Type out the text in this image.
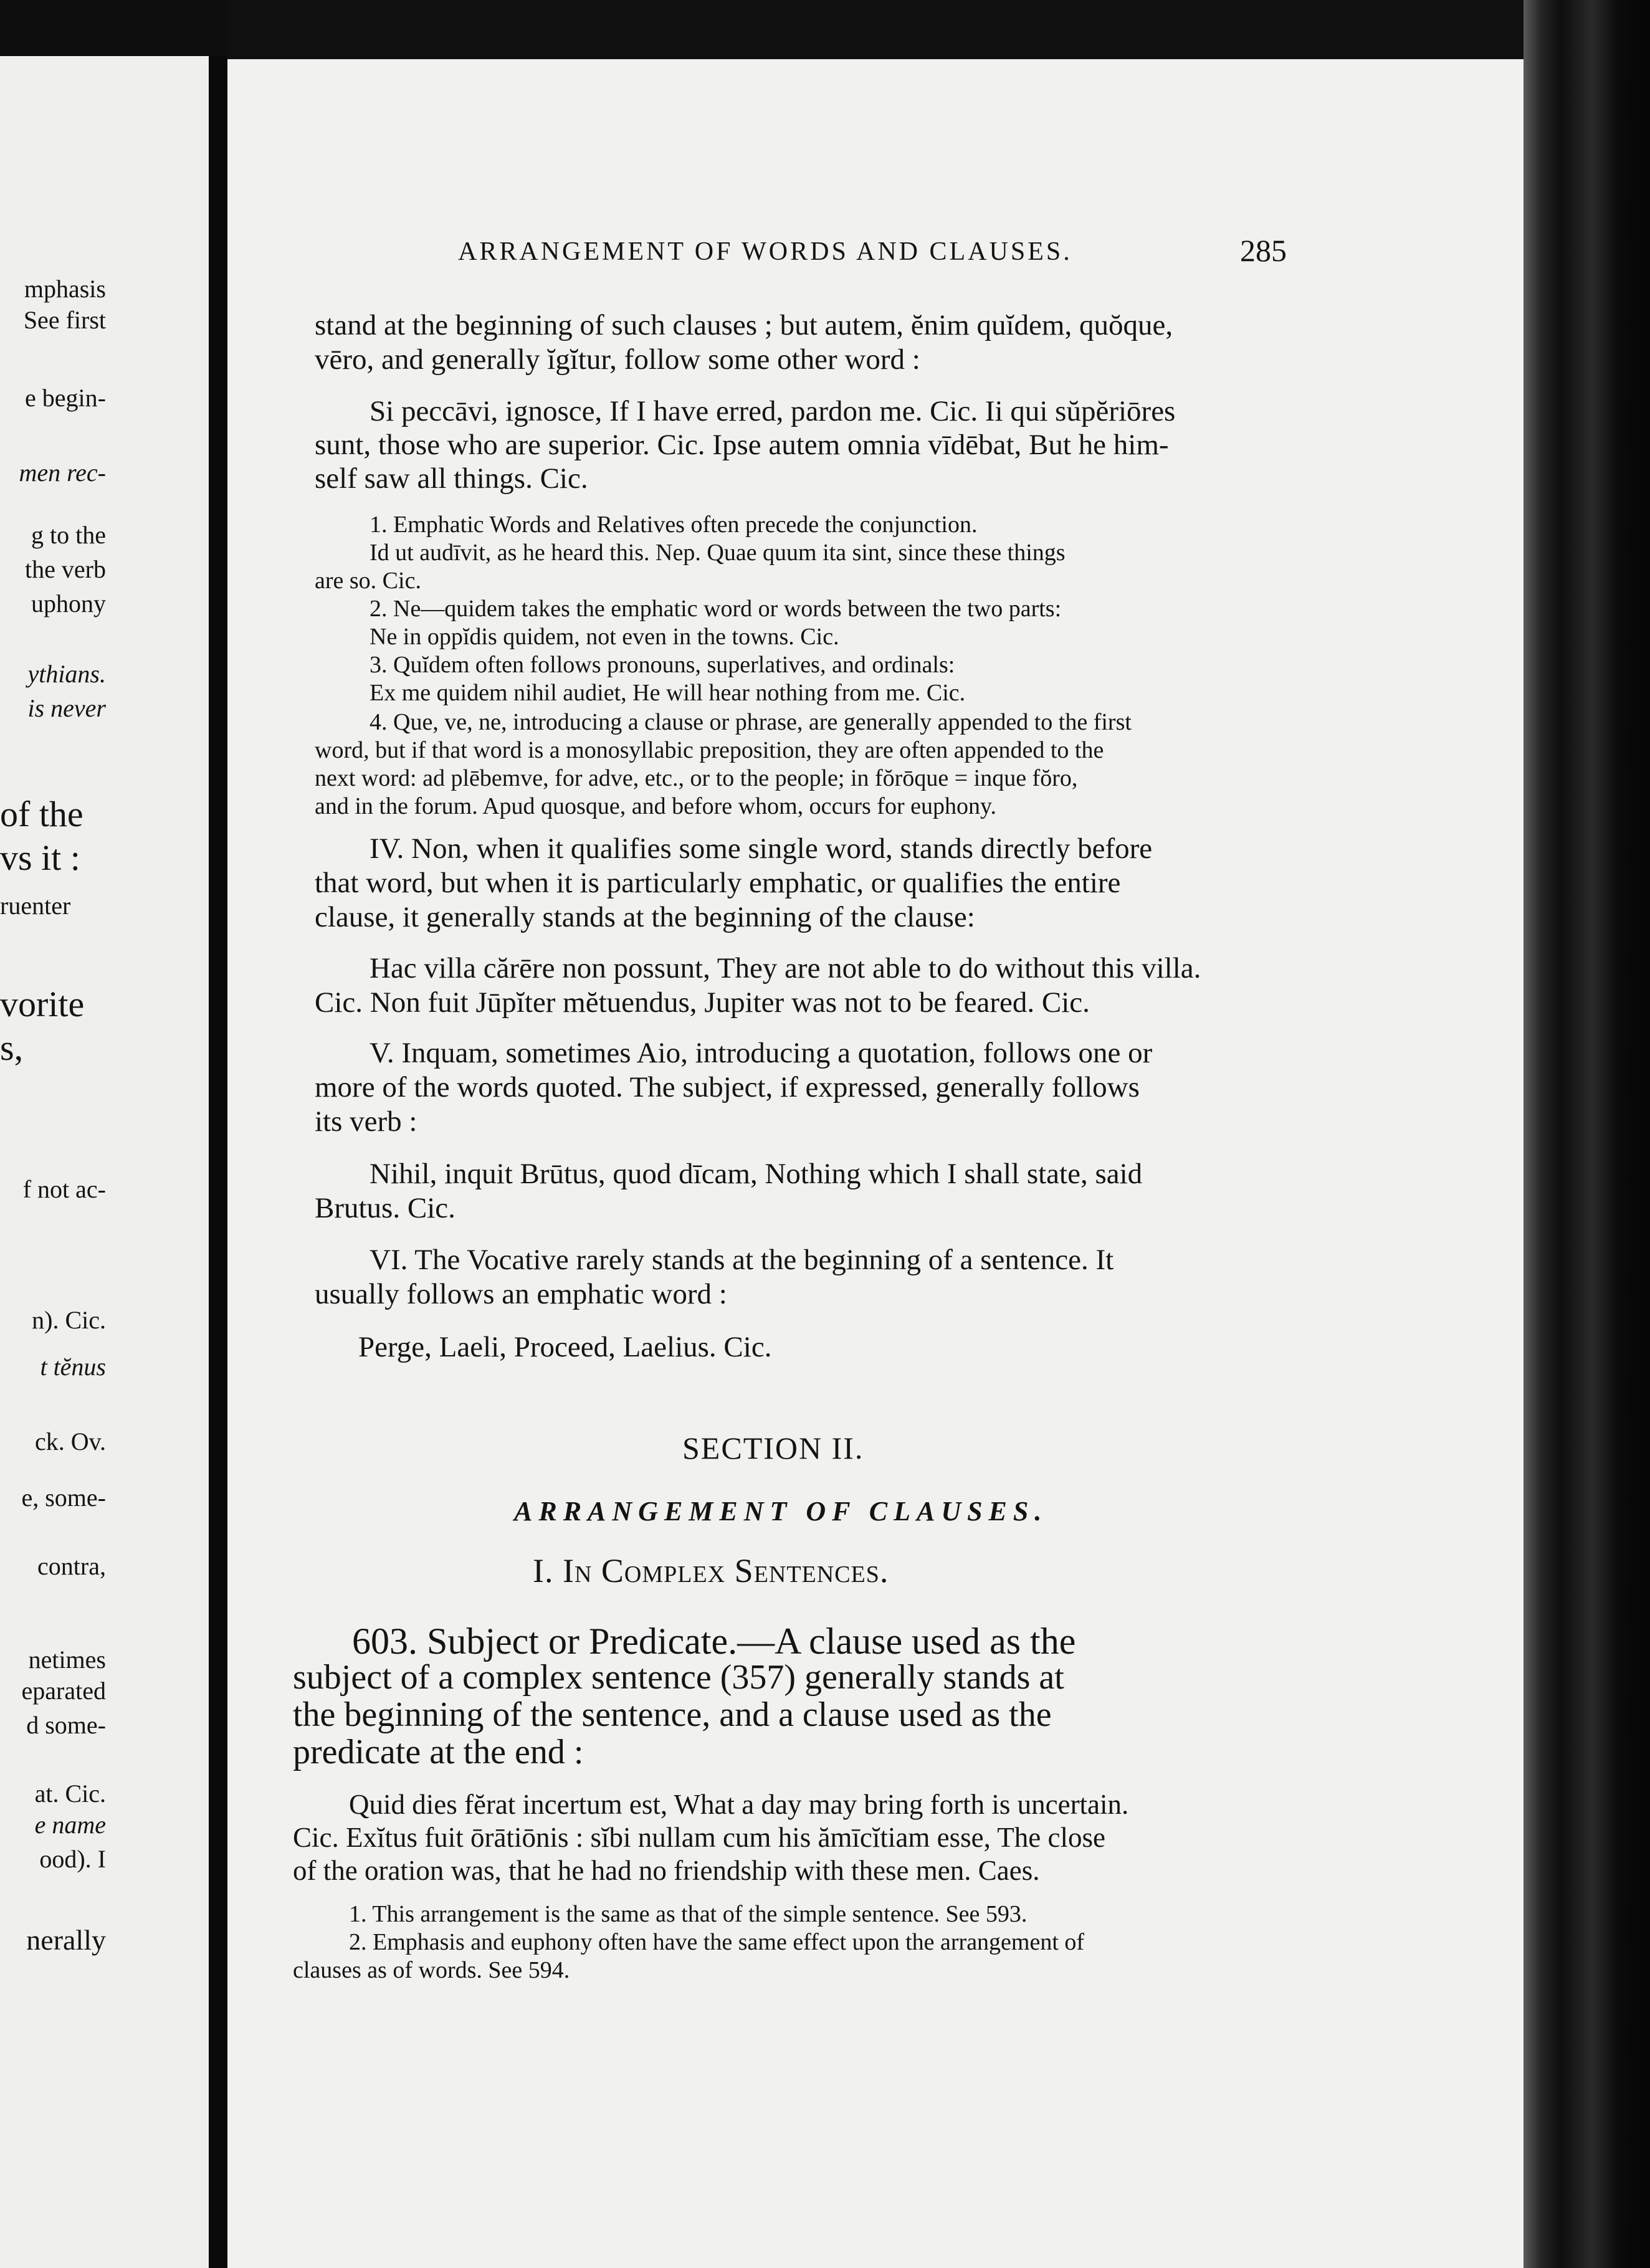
mphasis
See first
e begin-
men rec-
g to the
the verb
uphony
ythians.
is never
of the
vs it :
ruenter
vorite
s,
f not ac-
n). Cic.
t tĕnus
ck. Ov.
e, some-
contra,
netimes
eparated
d some-
at. Cic.
e name
ood). I
nerally
ARRANGEMENT OF WORDS AND CLAUSES.	285
stand at the beginning of such clauses ; but autem, ĕnim quĭdem, quŏque,
vēro, and generally ĭgĭtur, follow some other word :
Si peccāvi, ignosce, If I have erred, pardon me. Cic. Ii qui sŭpĕriōres
sunt, those who are superior. Cic. Ipse autem omnia vīdēbat, But he him-
self saw all things. Cic.
1. Emphatic Words and Relatives often precede the conjunction.
Id ut audīvit, as he heard this. Nep. Quae quum ita sint, since these things
are so. Cic.
2. Ne—quidem takes the emphatic word or words between the two parts:
Ne in oppĭdis quidem, not even in the towns. Cic.
3. Quĭdem often follows pronouns, superlatives, and ordinals:
Ex me quidem nihil audiet, He will hear nothing from me. Cic.
4. Que, ve, ne, introducing a clause or phrase, are generally appended to the first
word, but if that word is a monosyllabic preposition, they are often appended to the
next word: ad plēbemve, for adve, etc., or to the people; in fŏrōque = inque fŏro,
and in the forum. Apud quosque, and before whom, occurs for euphony.
IV. Non, when it qualifies some single word, stands directly before
that word, but when it is particularly emphatic, or qualifies the entire
clause, it generally stands at the beginning of the clause:
Hac villa cărēre non possunt, They are not able to do without this villa.
Cic. Non fuit Jūpĭter mĕtuendus, Jupiter was not to be feared. Cic.
V. Inquam, sometimes Aio, introducing a quotation, follows one or
more of the words quoted. The subject, if expressed, generally follows
its verb :
Nihil, inquit Brūtus, quod dīcam, Nothing which I shall state, said
Brutus. Cic.
VI. The Vocative rarely stands at the beginning of a sentence. It
usually follows an emphatic word :
Perge, Laeli, Proceed, Laelius. Cic.
SECTION II.
ARRANGEMENT OF CLAUSES.
I. In Complex Sentences.
603. Subject or Predicate.—A clause used as the
subject of a complex sentence (357) generally stands at
the beginning of the sentence, and a clause used as the
predicate at the end :
Quid dies fĕrat incertum est, What a day may bring forth is uncertain.
Cic. Exĭtus fuit ōrātiōnis : sĭbi nullam cum his ămīcĭtiam esse, The close
of the oration was, that he had no friendship with these men. Caes.
1. This arrangement is the same as that of the simple sentence. See 593.
2. Emphasis and euphony often have the same effect upon the arrangement of
clauses as of words. See 594.
